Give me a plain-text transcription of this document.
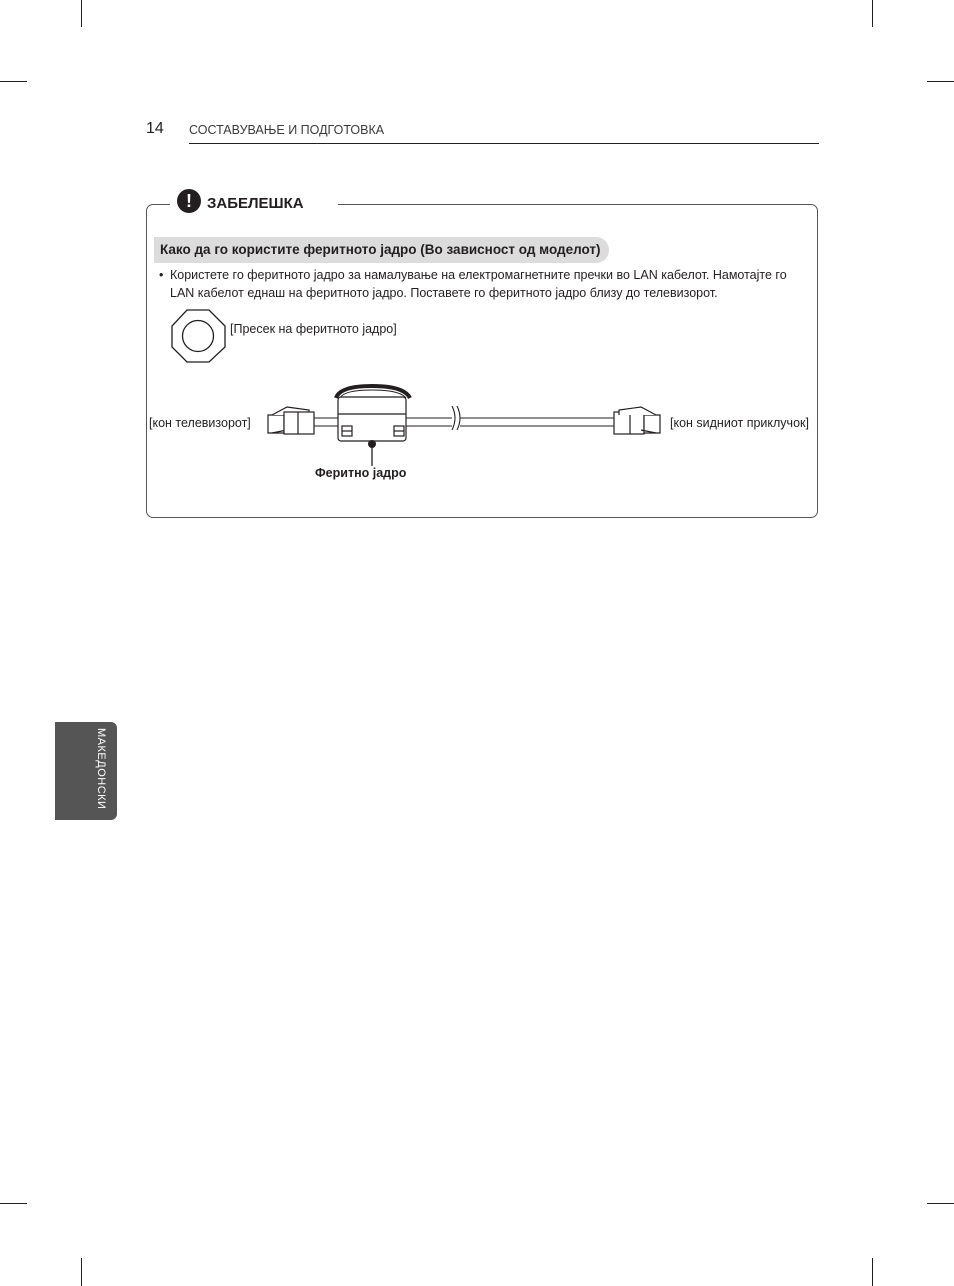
14 СОСТАВУВАЊЕ И ПОДГОТОВКА
!	ЗАБЕЛЕШКА
Како да го користите феритното јадро (Во зависност од моделот)
• Користете го феритното јадро за намалување на електромагнетните пречки во LAN кабелот. Намотајте го LAN кабелот еднаш на феритното јадро. Поставете го феритното јадро близу до телевизорот.
[Пресек на феритното јадро]
[кон телевизорот]	[кон ѕидниот приклучок]
Феритно јадро
МАКЕДОНСКИ
